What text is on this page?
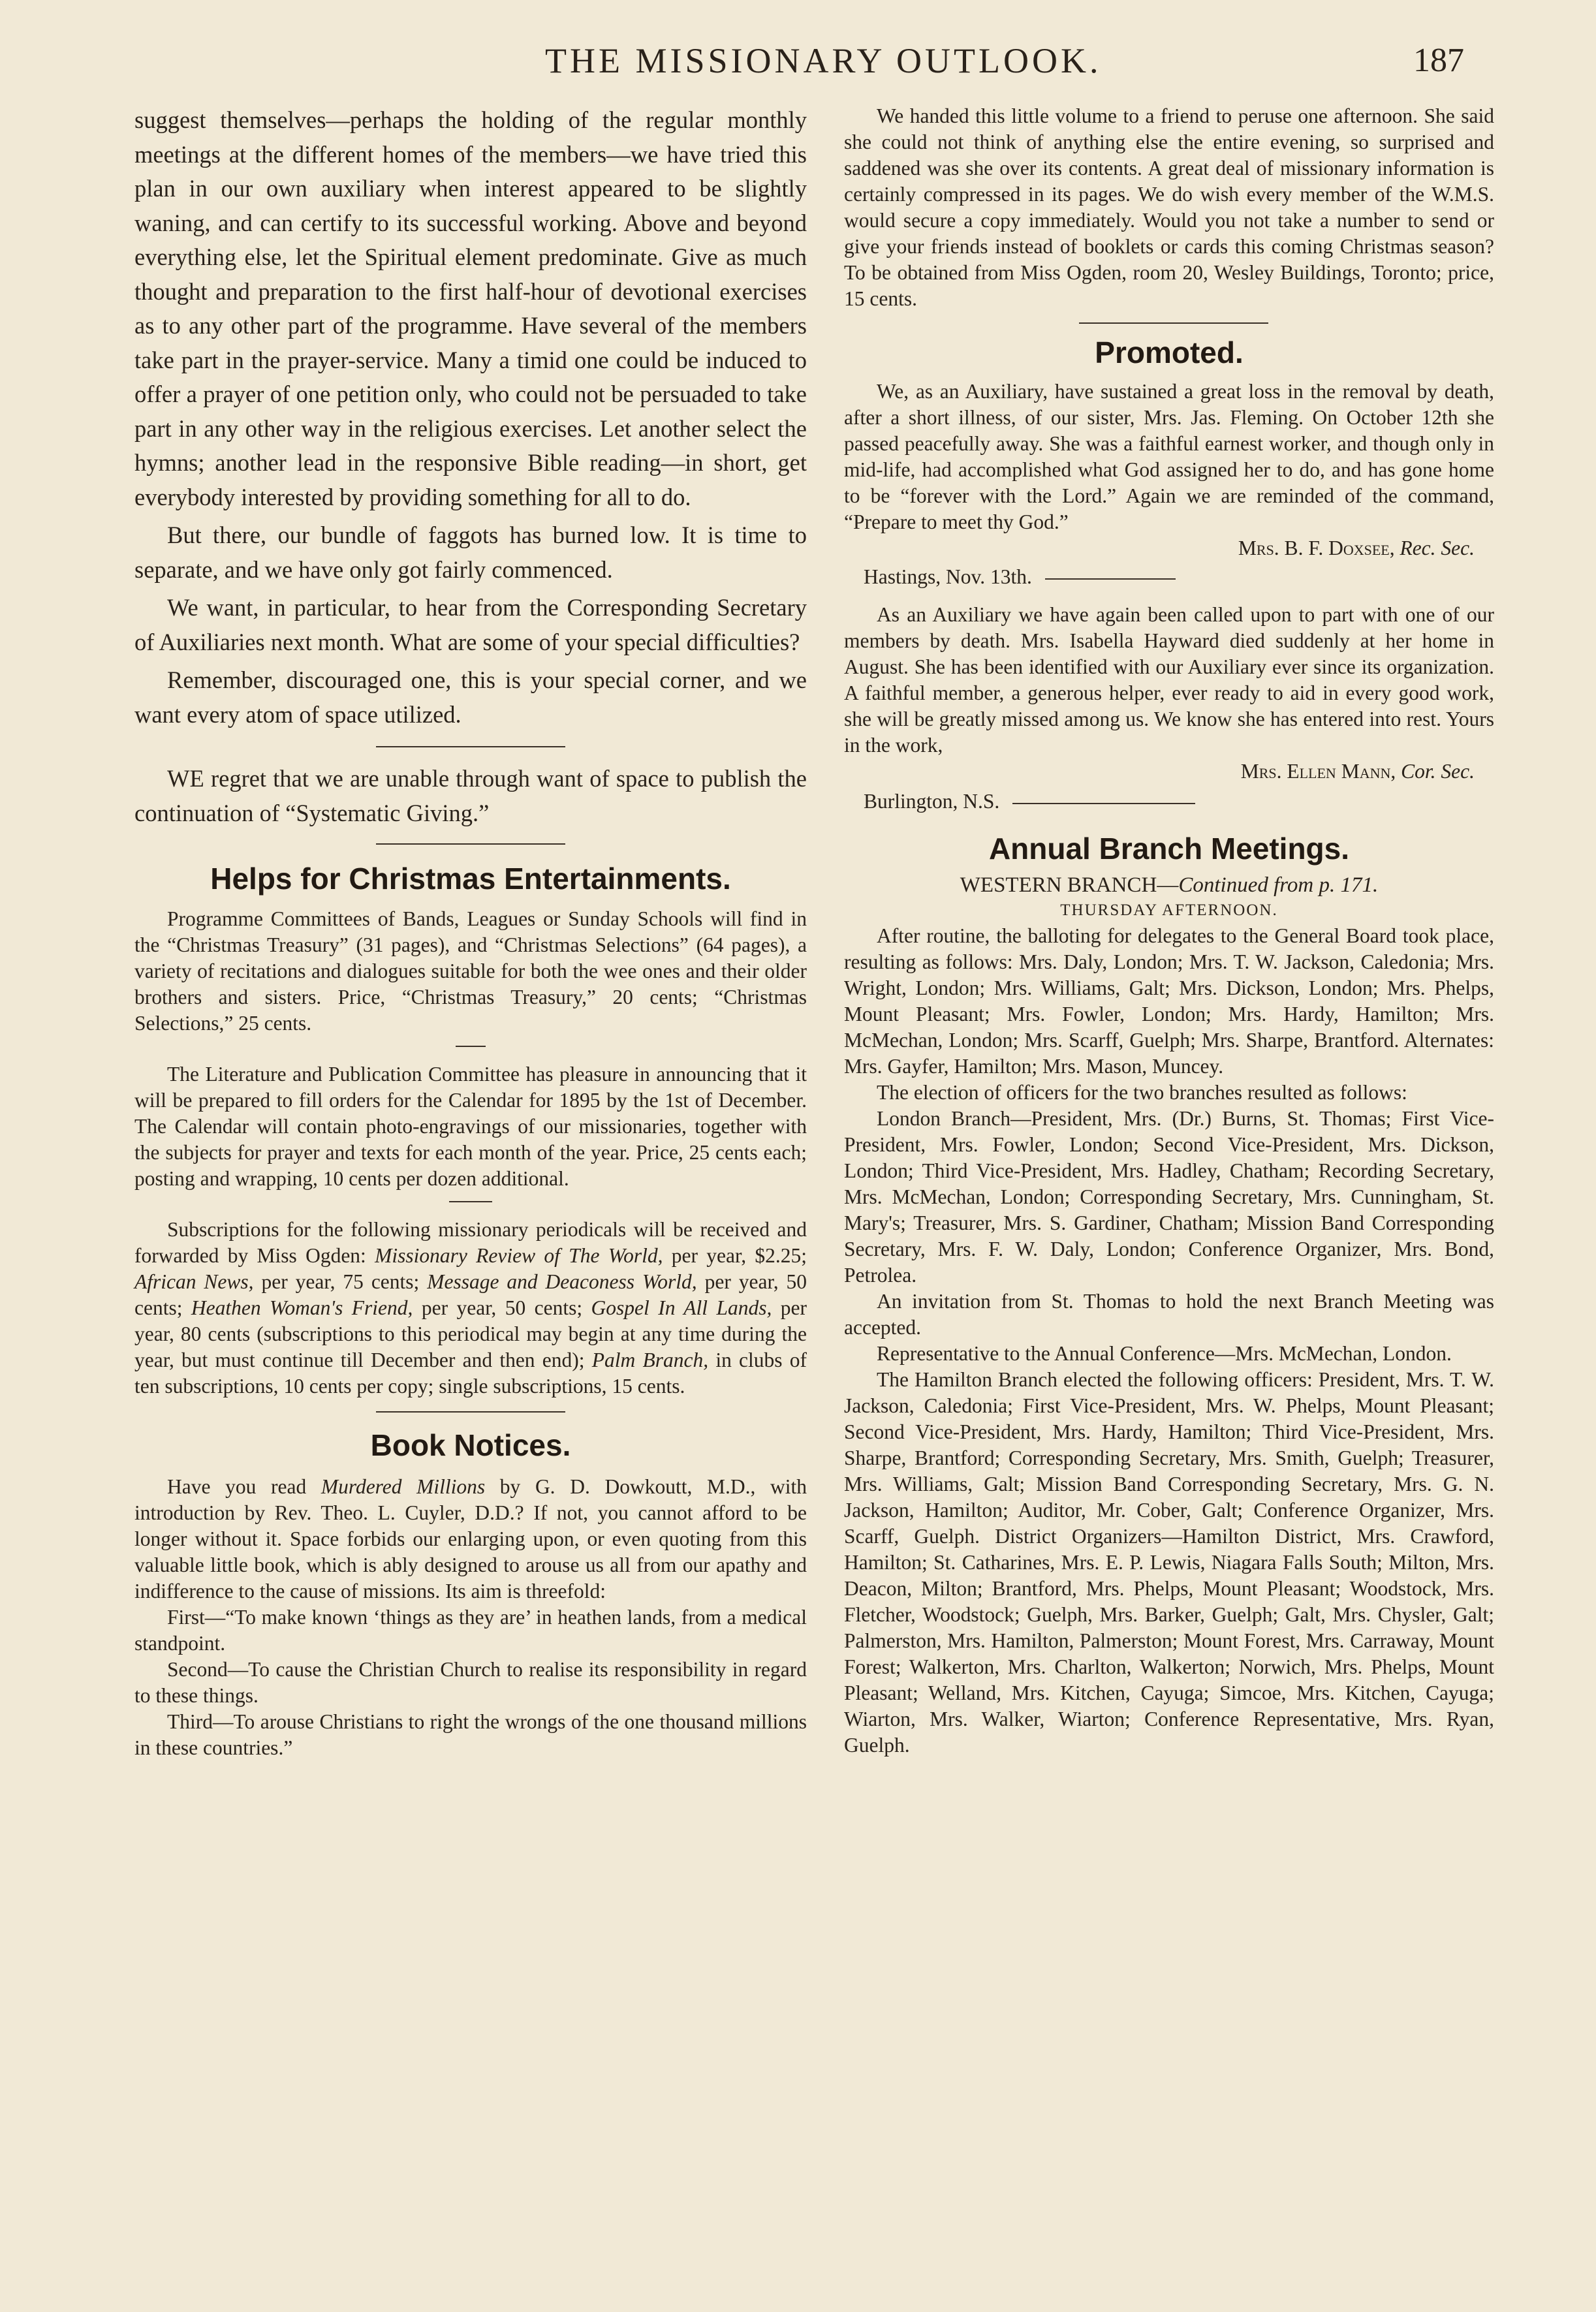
THE MISSIONARY OUTLOOK.	187

suggest themselves—perhaps the holding of the regular monthly meetings at the different homes of the members—we have tried this plan in our own auxiliary when interest appeared to be slightly waning, and can certify to its successful working. Above and beyond everything else, let the Spiritual element predominate. Give as much thought and preparation to the first half-hour of devotional exercises as to any other part of the programme. Have several of the members take part in the prayer-service. Many a timid one could be induced to offer a prayer of one petition only, who could not be persuaded to take part in any other way in the religious exercises. Let another select the hymns; another lead in the responsive Bible reading—in short, get everybody interested by providing something for all to do.

But there, our bundle of faggots has burned low. It is time to separate, and we have only got fairly commenced.

We want, in particular, to hear from the Corresponding Secretary of Auxiliaries next month. What are some of your special difficulties?

Remember, discouraged one, this is your special corner, and we want every atom of space utilized.

WE regret that we are unable through want of space to publish the continuation of “Systematic Giving.”

Helps for Christmas Entertainments.

Programme Committees of Bands, Leagues or Sunday Schools will find in the “Christmas Treasury” (31 pages), and “Christmas Selections” (64 pages), a variety of recitations and dialogues suitable for both the wee ones and their older brothers and sisters. Price, “Christmas Treasury,” 20 cents; “Christmas Selections,” 25 cents.

The Literature and Publication Committee has pleasure in announcing that it will be prepared to fill orders for the Calendar for 1895 by the 1st of December. The Calendar will contain photo-engravings of our missionaries, together with the subjects for prayer and texts for each month of the year. Price, 25 cents each; posting and wrapping, 10 cents per dozen additional.

Subscriptions for the following missionary periodicals will be received and forwarded by Miss Ogden: Missionary Review of The World, per year, $2.25; African News, per year, 75 cents; Message and Deaconess World, per year, 50 cents; Heathen Woman's Friend, per year, 50 cents; Gospel In All Lands, per year, 80 cents (subscriptions to this periodical may begin at any time during the year, but must continue till December and then end); Palm Branch, in clubs of ten subscriptions, 10 cents per copy; single subscriptions, 15 cents.

Book Notices.

Have you read Murdered Millions by G. D. Dowkoutt, M.D., with introduction by Rev. Theo. L. Cuyler, D.D.? If not, you cannot afford to be longer without it. Space forbids our enlarging upon, or even quoting from this valuable little book, which is ably designed to arouse us all from our apathy and indifference to the cause of missions. Its aim is threefold:

First—“To make known ‘things as they are’ in heathen lands, from a medical standpoint.

Second—To cause the Christian Church to realise its responsibility in regard to these things.

Third—To arouse Christians to right the wrongs of the one thousand millions in these countries.”

We handed this little volume to a friend to peruse one afternoon. She said she could not think of anything else the entire evening, so surprised and saddened was she over its contents. A great deal of missionary information is certainly compressed in its pages. We do wish every member of the W.M.S. would secure a copy immediately. Would you not take a number to send or give your friends instead of booklets or cards this coming Christmas season? To be obtained from Miss Ogden, room 20, Wesley Buildings, Toronto; price, 15 cents.

Promoted.

We, as an Auxiliary, have sustained a great loss in the removal by death, after a short illness, of our sister, Mrs. Jas. Fleming. On October 12th she passed peacefully away. She was a faithful earnest worker, and though only in mid-life, had accomplished what God assigned her to do, and has gone home to be “forever with the Lord.” Again we are reminded of the command, “Prepare to meet thy God.”

Mrs. B. F. Doxsee, Rec. Sec.

Hastings, Nov. 13th.

As an Auxiliary we have again been called upon to part with one of our members by death. Mrs. Isabella Hayward died suddenly at her home in August. She has been identified with our Auxiliary ever since its organization. A faithful member, a generous helper, ever ready to aid in every good work, she will be greatly missed among us. We know she has entered into rest. Yours in the work,

Mrs. Ellen Mann, Cor. Sec.

Burlington, N.S.

Annual Branch Meetings.

WESTERN BRANCH—Continued from p. 171.

THURSDAY AFTERNOON.

After routine, the balloting for delegates to the General Board took place, resulting as follows: Mrs. Daly, London; Mrs. T. W. Jackson, Caledonia; Mrs. Wright, London; Mrs. Williams, Galt; Mrs. Dickson, London; Mrs. Phelps, Mount Pleasant; Mrs. Fowler, London; Mrs. Hardy, Hamilton; Mrs. McMechan, London; Mrs. Scarff, Guelph; Mrs. Sharpe, Brantford. Alternates: Mrs. Gayfer, Hamilton; Mrs. Mason, Muncey.

The election of officers for the two branches resulted as follows:

London Branch—President, Mrs. (Dr.) Burns, St. Thomas; First Vice-President, Mrs. Fowler, London; Second Vice-President, Mrs. Dickson, London; Third Vice-President, Mrs. Hadley, Chatham; Recording Secretary, Mrs. McMechan, London; Corresponding Secretary, Mrs. Cunningham, St. Mary's; Treasurer, Mrs. S. Gardiner, Chatham; Mission Band Corresponding Secretary, Mrs. F. W. Daly, London; Conference Organizer, Mrs. Bond, Petrolea.

An invitation from St. Thomas to hold the next Branch Meeting was accepted.

Representative to the Annual Conference—Mrs. McMechan, London.

The Hamilton Branch elected the following officers: President, Mrs. T. W. Jackson, Caledonia; First Vice-President, Mrs. W. Phelps, Mount Pleasant; Second Vice-President, Mrs. Hardy, Hamilton; Third Vice-President, Mrs. Sharpe, Brantford; Corresponding Secretary, Mrs. Smith, Guelph; Treasurer, Mrs. Williams, Galt; Mission Band Corresponding Secretary, Mrs. G. N. Jackson, Hamilton; Auditor, Mr. Cober, Galt; Conference Organizer, Mrs. Scarff, Guelph. District Organizers—Hamilton District, Mrs. Crawford, Hamilton; St. Catharines, Mrs. E. P. Lewis, Niagara Falls South; Milton, Mrs. Deacon, Milton; Brantford, Mrs. Phelps, Mount Pleasant; Woodstock, Mrs. Fletcher, Woodstock; Guelph, Mrs. Barker, Guelph; Galt, Mrs. Chysler, Galt; Palmerston, Mrs. Hamilton, Palmerston; Mount Forest, Mrs. Carraway, Mount Forest; Walkerton, Mrs. Charlton, Walkerton; Norwich, Mrs. Phelps, Mount Pleasant; Welland, Mrs. Kitchen, Cayuga; Simcoe, Mrs. Kitchen, Cayuga; Wiarton, Mrs. Walker, Wiarton; Conference Representative, Mrs. Ryan, Guelph.
